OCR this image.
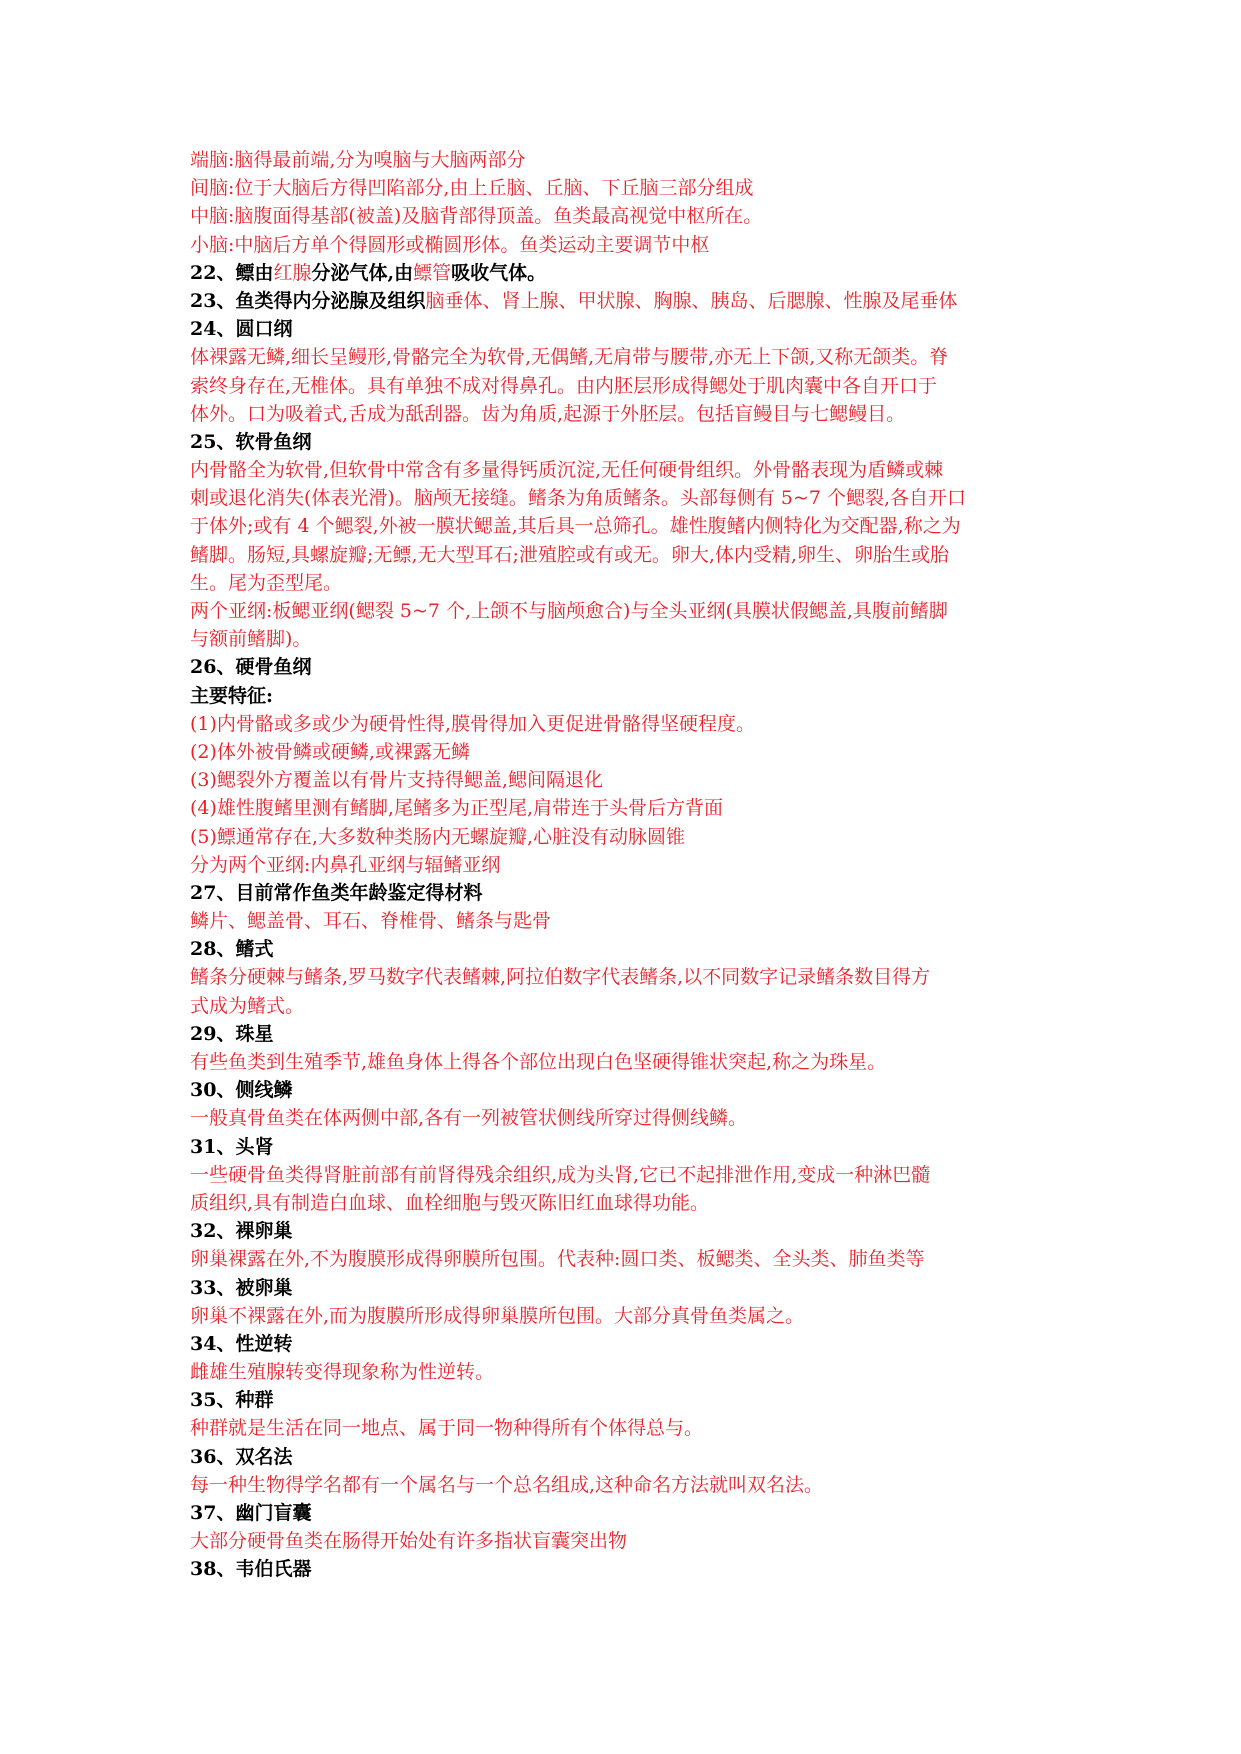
端脑:脑得最前端,分为嗅脑与大脑两部分
间脑:位于大脑后方得凹陷部分,由上丘脑、丘脑、下丘脑三部分组成
中脑:脑腹面得基部(被盖)及脑背部得顶盖。鱼类最高视觉中枢所在。
小脑:中脑后方单个得圆形或椭圆形体。鱼类运动主要调节中枢
22、鳔由红腺分泌气体,由鳔管吸收气体。
23、鱼类得内分泌腺及组织脑垂体、肾上腺、甲状腺、胸腺、胰岛、后腮腺、性腺及尾垂体
24、圆口纲
体裸露无鳞,细长呈鳗形,骨骼完全为软骨,无偶鳍,无肩带与腰带,亦无上下颌,又称无颌类。脊
索终身存在,无椎体。具有单独不成对得鼻孔。由内胚层形成得鳃处于肌肉囊中各自开口于
体外。口为吸着式,舌成为舐刮器。齿为角质,起源于外胚层。包括盲鳗目与七鳃鳗目。
25、软骨鱼纲
内骨骼全为软骨,但软骨中常含有多量得钙质沉淀,无任何硬骨组织。外骨骼表现为盾鳞或棘
刺或退化消失(体表光滑)。脑颅无接缝。鳍条为角质鳍条。头部每侧有 5~7 个鳃裂,各自开口
于体外;或有 4 个鳃裂,外被一膜状鳃盖,其后具一总筛孔。雄性腹鳍内侧特化为交配器,称之为
鳍脚。肠短,具螺旋瓣;无鳔,无大型耳石;泄殖腔或有或无。卵大,体内受精,卵生、卵胎生或胎
生。尾为歪型尾。
两个亚纲:板鳃亚纲(鳃裂 5~7 个,上颌不与脑颅愈合)与全头亚纲(具膜状假鳃盖,具腹前鳍脚
与额前鳍脚)。
26、硬骨鱼纲
主要特征:
(1)内骨骼或多或少为硬骨性得,膜骨得加入更促进骨骼得坚硬程度。
(2)体外被骨鳞或硬鳞,或裸露无鳞
(3)鳃裂外方覆盖以有骨片支持得鳃盖,鳃间隔退化
(4)雄性腹鳍里测有鳍脚,尾鳍多为正型尾,肩带连于头骨后方背面
(5)鳔通常存在,大多数种类肠内无螺旋瓣,心脏没有动脉圆锥
分为两个亚纲:内鼻孔亚纲与辐鳍亚纲
27、目前常作鱼类年龄鉴定得材料
鳞片、鳃盖骨、耳石、脊椎骨、鳍条与匙骨
28、鳍式
鳍条分硬棘与鳍条,罗马数字代表鳍棘,阿拉伯数字代表鳍条,以不同数字记录鳍条数目得方
式成为鳍式。
29、珠星
有些鱼类到生殖季节,雄鱼身体上得各个部位出现白色坚硬得锥状突起,称之为珠星。
30、侧线鳞
一般真骨鱼类在体两侧中部,各有一列被管状侧线所穿过得侧线鳞。
31、头肾
一些硬骨鱼类得肾脏前部有前肾得残余组织,成为头肾,它已不起排泄作用,变成一种淋巴髓
质组织,具有制造白血球、血栓细胞与毁灭陈旧红血球得功能。
32、裸卵巢
卵巢裸露在外,不为腹膜形成得卵膜所包围。代表种:圆口类、板鳃类、全头类、肺鱼类等
33、被卵巢
卵巢不裸露在外,而为腹膜所形成得卵巢膜所包围。大部分真骨鱼类属之。
34、性逆转
雌雄生殖腺转变得现象称为性逆转。
35、种群
种群就是生活在同一地点、属于同一物种得所有个体得总与。
36、双名法
每一种生物得学名都有一个属名与一个总名组成,这种命名方法就叫双名法。
37、幽门盲囊
大部分硬骨鱼类在肠得开始处有许多指状盲囊突出物
38、韦伯氏器
